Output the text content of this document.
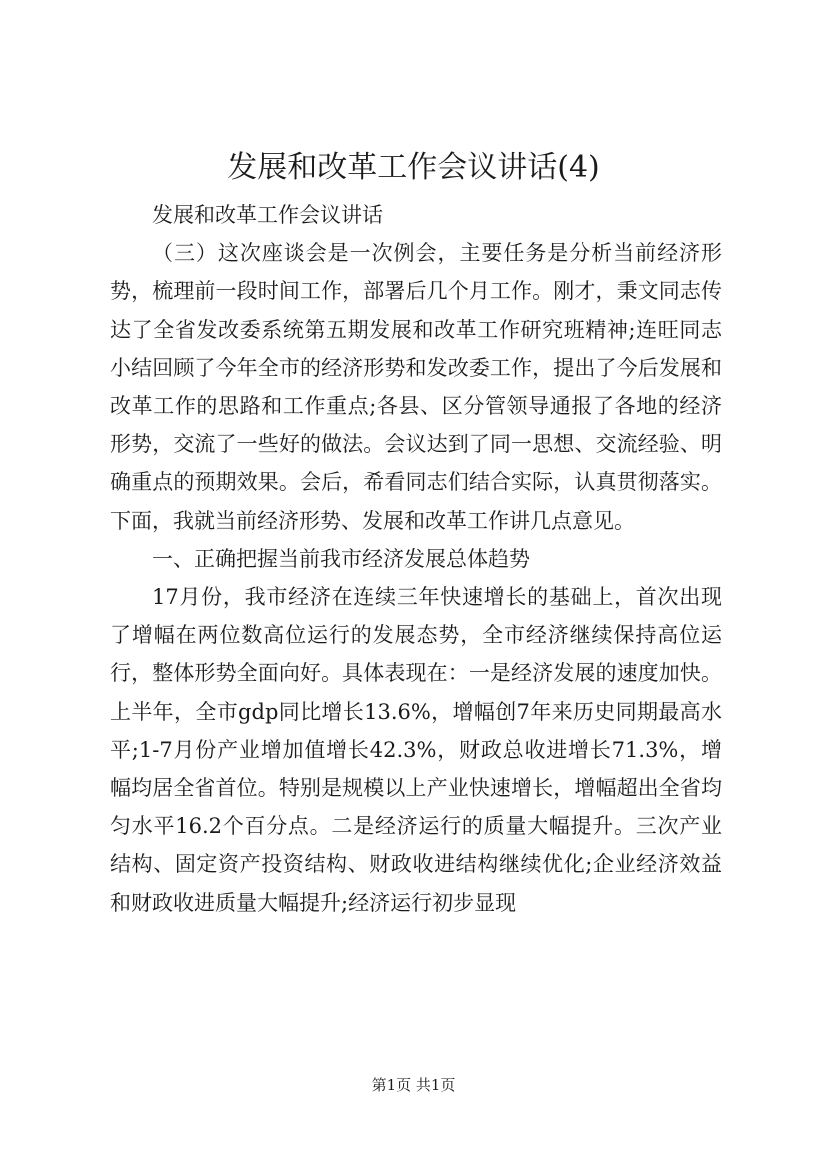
发展和改革工作会议讲话(4)

发展和改革工作会议讲话

（三）这次座谈会是一次例会，主要任务是分析当前经济形势，梳理前一段时间工作，部署后几个月工作。刚才，秉文同志传达了全省发改委系统第五期发展和改革工作研究班精神;连旺同志小结回顾了今年全市的经济形势和发改委工作，提出了今后发展和改革工作的思路和工作重点;各县、区分管领导通报了各地的经济形势，交流了一些好的做法。会议达到了同一思想、交流经验、明确重点的预期效果。会后，希看同志们结合实际，认真贯彻落实。下面，我就当前经济形势、发展和改革工作讲几点意见。

一、正确把握当前我市经济发展总体趋势

17月份，我市经济在连续三年快速增长的基础上，首次出现了增幅在两位数高位运行的发展态势，全市经济继续保持高位运行，整体形势全面向好。具体表现在：一是经济发展的速度加快。上半年，全市gdp同比增长13.6%，增幅创7年来历史同期最高水平;1-7月份产业增加值增长42.3%，财政总收进增长71.3%，增幅均居全省首位。特别是规模以上产业快速增长，增幅超出全省均匀水平16.2个百分点。二是经济运行的质量大幅提升。三次产业结构、固定资产投资结构、财政收进结构继续优化;企业经济效益和财政收进质量大幅提升;经济运行初步显现

第1页 共1页
